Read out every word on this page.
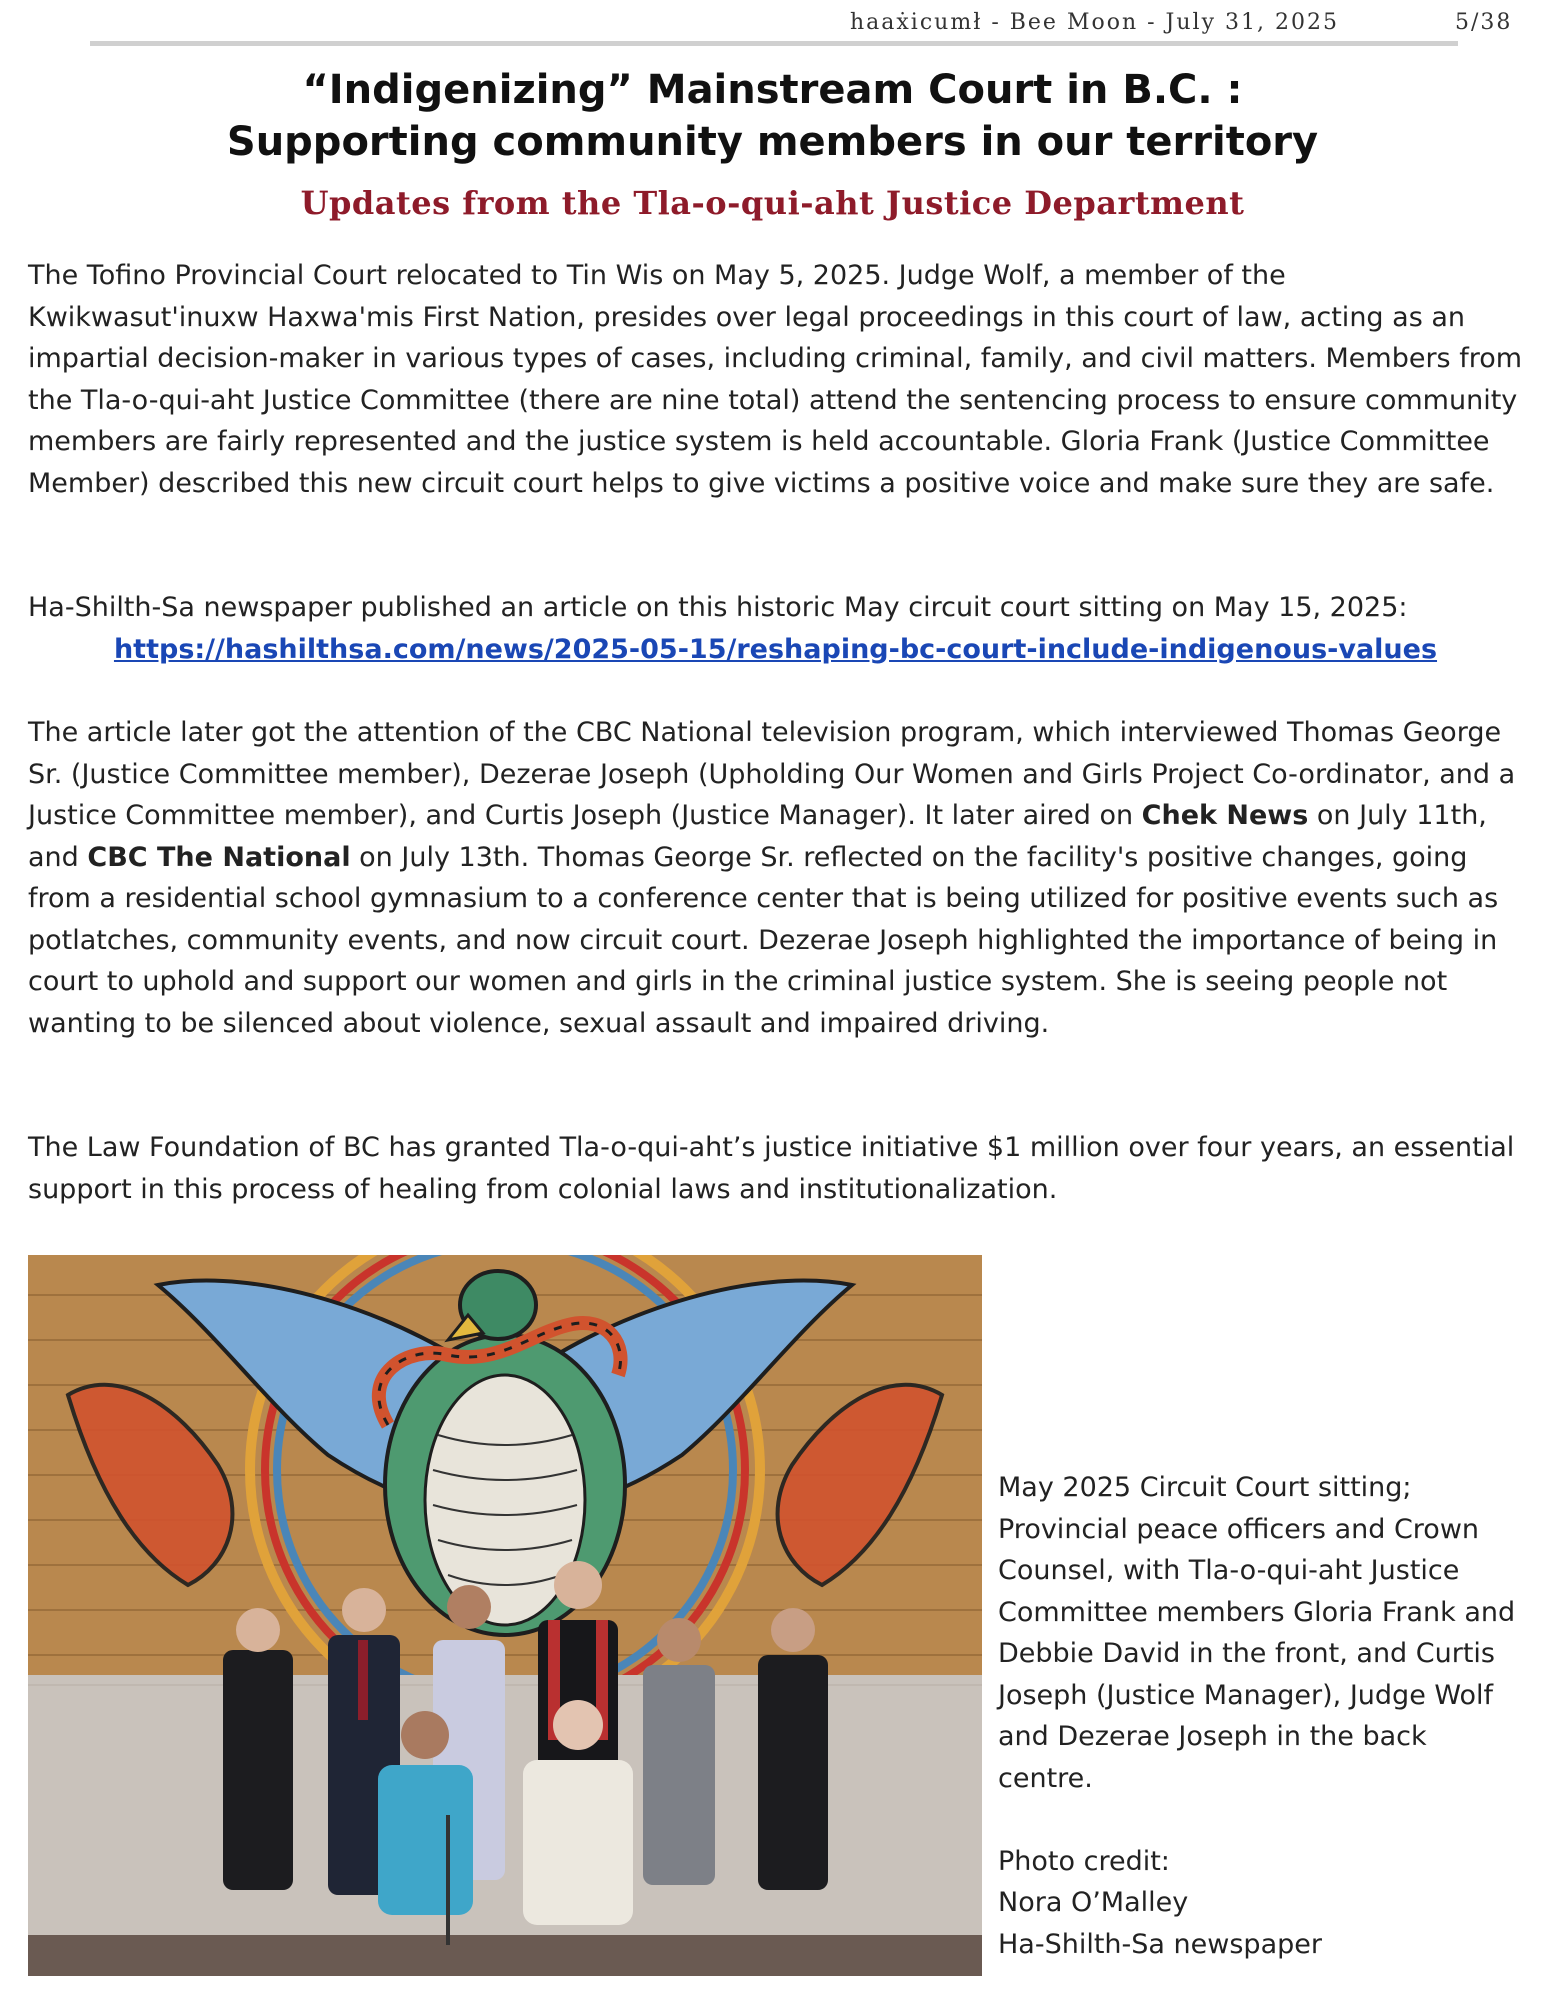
haaẋicumł - Bee Moon - July 31, 2025	5/38
“Indigenizing” Mainstream Court in B.C. :
Supporting community members in our territory
Updates from the Tla-o-qui-aht Justice Department
The Tofino Provincial Court relocated to Tin Wis on May 5, 2025. Judge Wolf, a member of the Kwikwasut'inuxw Haxwa'mis First Nation, presides over legal proceedings in this court of law, acting as an impartial decision-maker in various types of cases, including criminal, family, and civil matters. Members from the Tla-o-qui-aht Justice Committee (there are nine total) attend the sentencing process to ensure community members are fairly represented and the justice system is held accountable. Gloria Frank (Justice Committee Member) described this new circuit court helps to give victims a positive voice and make sure they are safe.
Ha-Shilth-Sa newspaper published an article on this historic May circuit court sitting on May 15, 2025:
https://hashilthsa.com/news/2025-05-15/reshaping-bc-court-include-indigenous-values
The article later got the attention of the CBC National television program, which interviewed Thomas George Sr. (Justice Committee member), Dezerae Joseph (Upholding Our Women and Girls Project Co-ordinator, and a Justice Committee member), and Curtis Joseph (Justice Manager). It later aired on Chek News on July 11th, and CBC The National on July 13th. Thomas George Sr. reflected on the facility's positive changes, going from a residential school gymnasium to a conference center that is being utilized for positive events such as potlatches, community events, and now circuit court. Dezerae Joseph highlighted the importance of being in court to uphold and support our women and girls in the criminal justice system. She is seeing people not wanting to be silenced about violence, sexual assault and impaired driving.
The Law Foundation of BC has granted Tla-o-qui-aht’s justice initiative $1 million over four years, an essential support in this process of healing from colonial laws and institutionalization.
May 2025 Circuit Court sitting; Provincial peace officers and Crown Counsel, with Tla-o-qui-aht Justice Committee members Gloria Frank and Debbie David in the front, and Curtis Joseph (Justice Manager), Judge Wolf and Dezerae Joseph in the back centre.
Photo credit:
Nora O’Malley
Ha-Shilth-Sa newspaper
